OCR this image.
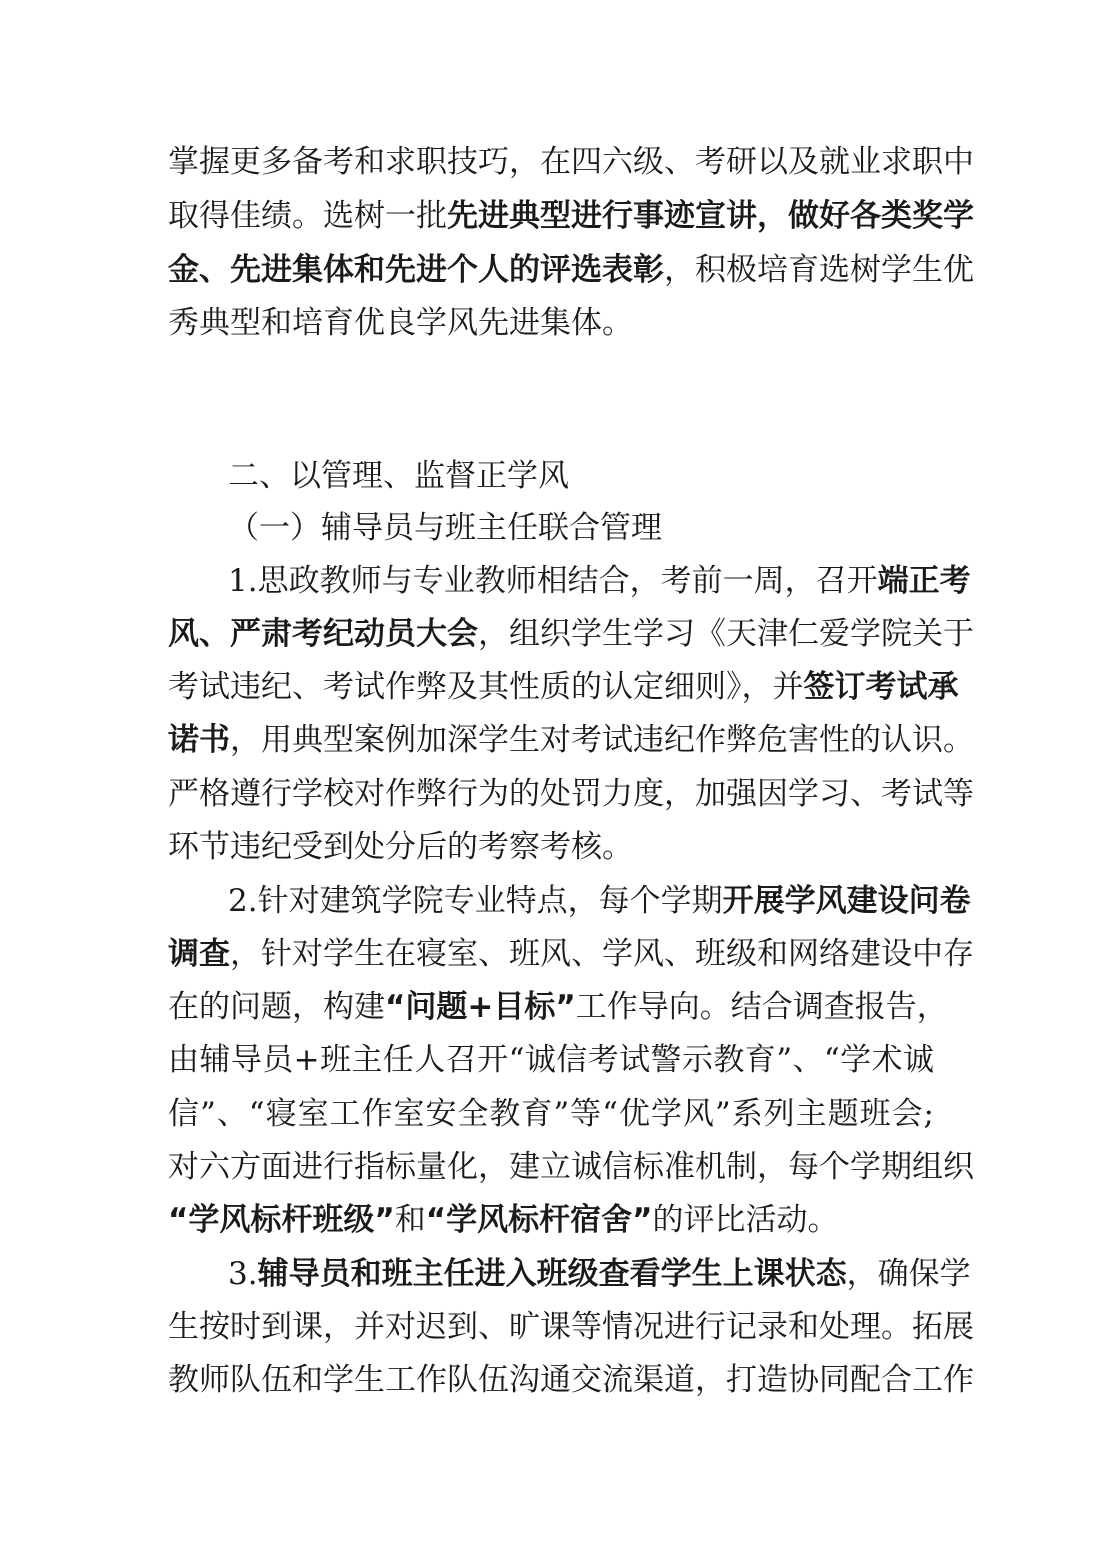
掌握更多备考和求职技巧，在四六级、考研以及就业求职中
取得佳绩。选树一批先进典型进行事迹宣讲，做好各类奖学
金、先进集体和先进个人的评选表彰，积极培育选树学生优
秀典型和培育优良学风先进集体。
二、以管理、监督正学风
（一）辅导员与班主任联合管理
1.思政教师与专业教师相结合，考前一周，召开端正考
风、严肃考纪动员大会，组织学生学习《天津仁爱学院关于
考试违纪、考试作弊及其性质的认定细则》，并签订考试承
诺书，用典型案例加深学生对考试违纪作弊危害性的认识。
严格遵行学校对作弊行为的处罚力度，加强因学习、考试等
环节违纪受到处分后的考察考核。
2.针对建筑学院专业特点，每个学期开展学风建设问卷
调查，针对学生在寝室、班风、学风、班级和网络建设中存
在的问题，构建“问题+目标”工作导向。结合调查报告，
由辅导员+班主任人召开“诚信考试警示教育”、“学术诚
信”、“寝室工作室安全教育”等“优学风”系列主题班会;
对六方面进行指标量化，建立诚信标准机制，每个学期组织
“学风标杆班级”和“学风标杆宿舍”的评比活动。
3.辅导员和班主任进入班级查看学生上课状态，确保学
生按时到课，并对迟到、旷课等情况进行记录和处理。拓展
教师队伍和学生工作队伍沟通交流渠道，打造协同配合工作
